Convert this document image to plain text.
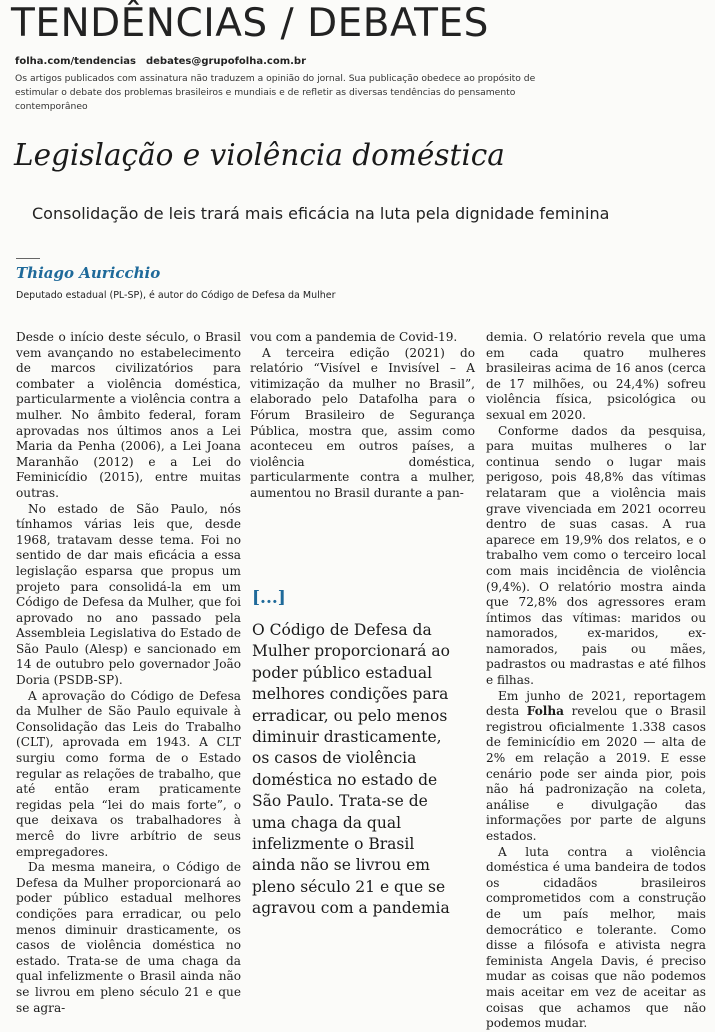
TENDÊNCIAS / DEBATES
folha.com/tendencias debates@grupofolha.com.br
Os artigos publicados com assinatura não traduzem a opinião do jornal. Sua publicação obedece ao propósito de estimular o debate dos problemas brasileiros e mundiais e de refletir as diversas tendências do pensamento contemporâneo
Legislação e violência doméstica
Consolidação de leis trará mais eficácia na luta pela dignidade feminina
Thiago Auricchio
Deputado estadual (PL-SP), é autor do Código de Defesa da Mulher

Desde o início deste século, o Brasil vem avançando no estabelecimento de marcos civilizatórios para combater a violência doméstica, particularmente a violência contra a mulher. No âmbito federal, foram aprovadas nos últimos anos a Lei Maria da Penha (2006), a Lei Joana Maranhão (2012) e a Lei do Feminicídio (2015), entre muitas outras.

No estado de São Paulo, nós tínhamos várias leis que, desde 1968, tratavam desse tema. Foi no sentido de dar mais eficácia a essa legislação esparsa que propus um projeto para consolidá-la em um Código de Defesa da Mulher, que foi aprovado no ano passado pela Assembleia Legislativa do Estado de São Paulo (Alesp) e sancionado em 14 de outubro pelo governador João Doria (PSDB-SP).

A aprovação do Código de Defesa da Mulher de São Paulo equivale à Consolidação das Leis do Trabalho (CLT), aprovada em 1943. A CLT surgiu como forma de o Estado regular as relações de trabalho, que até então eram praticamente regidas pela “lei do mais forte”, o que deixava os trabalhadores à mercê do livre arbítrio de seus empregadores.

Da mesma maneira, o Código de Defesa da Mulher proporcionará ao poder público estadual melhores condições para erradicar, ou pelo menos diminuir drasticamente, os casos de violência doméstica no estado. Trata-se de uma chaga da qual infelizmente o Brasil ainda não se livrou em pleno século 21 e que se agra-

vou com a pandemia de Covid-19.

A terceira edição (2021) do relatório “Visível e Invisível – A vitimização da mulher no Brasil”, elaborado pelo Datafolha para o Fórum Brasileiro de Segurança Pública, mostra que, assim como aconteceu em outros países, a violência doméstica, particularmente contra a mulher, aumentou no Brasil durante a pan-

[...]
O Código de Defesa da Mulher proporcionará ao poder público estadual melhores condições para erradicar, ou pelo menos diminuir drasticamente, os casos de violência doméstica no estado de São Paulo. Trata-se de uma chaga da qual infelizmente o Brasil ainda não se livrou em pleno século 21 e que se agravou com a pandemia

demia. O relatório revela que uma em cada quatro mulheres brasileiras acima de 16 anos (cerca de 17 milhões, ou 24,4%) sofreu violência física, psicológica ou sexual em 2020.

Conforme dados da pesquisa, para muitas mulheres o lar continua sendo o lugar mais perigoso, pois 48,8% das vítimas relataram que a violência mais grave vivenciada em 2021 ocorreu dentro de suas casas. A rua aparece em 19,9% dos relatos, e o trabalho vem como o terceiro local com mais incidência de violência (9,4%). O relatório mostra ainda que 72,8% dos agressores eram íntimos das vítimas: maridos ou namorados, ex-maridos, ex-namorados, pais ou mães, padrastos ou madrastas e até filhos e filhas.

Em junho de 2021, reportagem desta Folha revelou que o Brasil registrou oficialmente 1.338 casos de feminicídio em 2020 — alta de 2% em relação a 2019. E esse cenário pode ser ainda pior, pois não há padronização na coleta, análise e divulgação das informações por parte de alguns estados.

A luta contra a violência doméstica é uma bandeira de todos os cidadãos brasileiros comprometidos com a construção de um país melhor, mais democrático e tolerante. Como disse a filósofa e ativista negra feminista Angela Davis, é preciso mudar as coisas que não podemos mais aceitar em vez de aceitar as coisas que achamos que não podemos mudar.
